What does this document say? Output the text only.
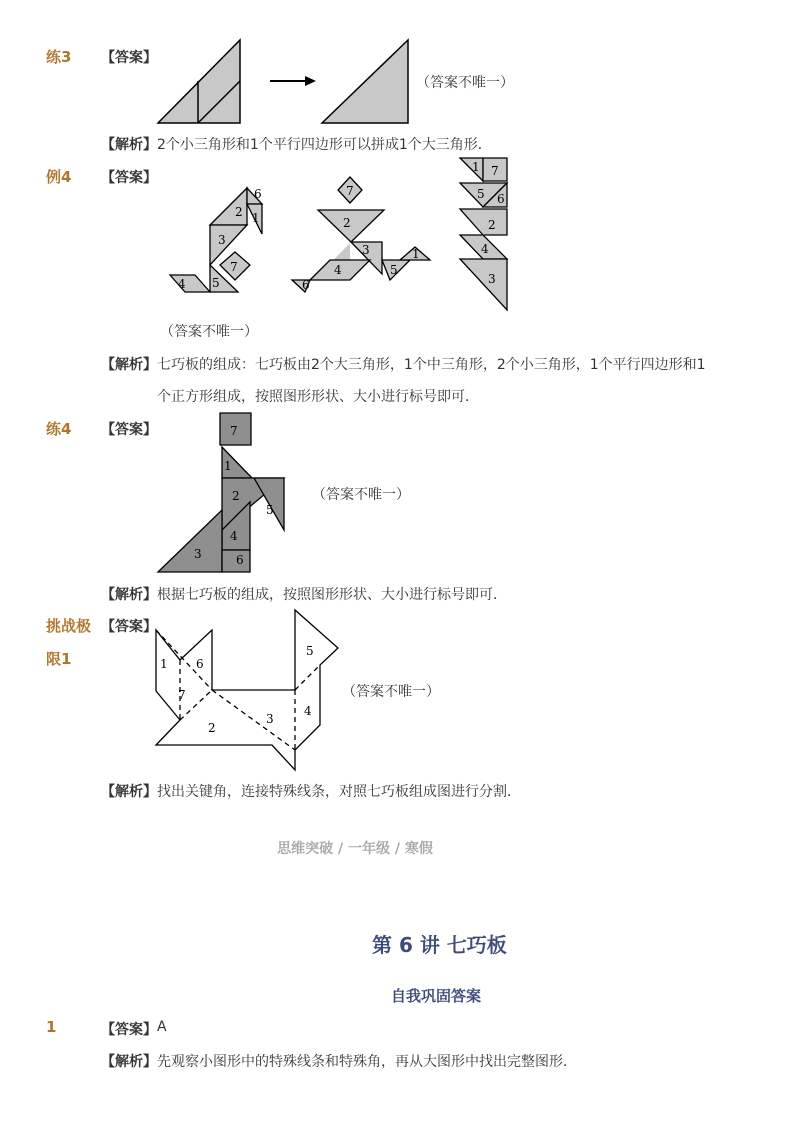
练3 【答案】
（答案不唯一）
【解析】 2个小三角形和1个平行四边形可以拼成1个大三角形．
例4 【答案】
6
1
2
3
7
4 5
7
2
3	1
4	5
6
1 7
5 6
2
4
3
（答案不唯一）
【解析】 七巧板的组成：七巧板由2个大三角形，1个中三角形，2个小三角形，1个平行四边形和1
个正方形组成，按照图形形状、大小进行标号即可．
练4 【答案】	7
1
2
5
4
3	6
（答案不唯一）
【解析】 根据七巧板的组成，按照图形形状、大小进行标号即可．
挑战极
限1
【答案】
1 6
7
2
3
5
4
（答案不唯一）
【解析】 找出关键角，连接特殊线条，对照七巧板组成图进行分割．
思维突破 / 一年级 / 寒假
第 6 讲 七巧板
自我巩固答案
1	【答案】 A
【解析】 先观察小图形中的特殊线条和特殊角，再从大图形中找出完整图形．
